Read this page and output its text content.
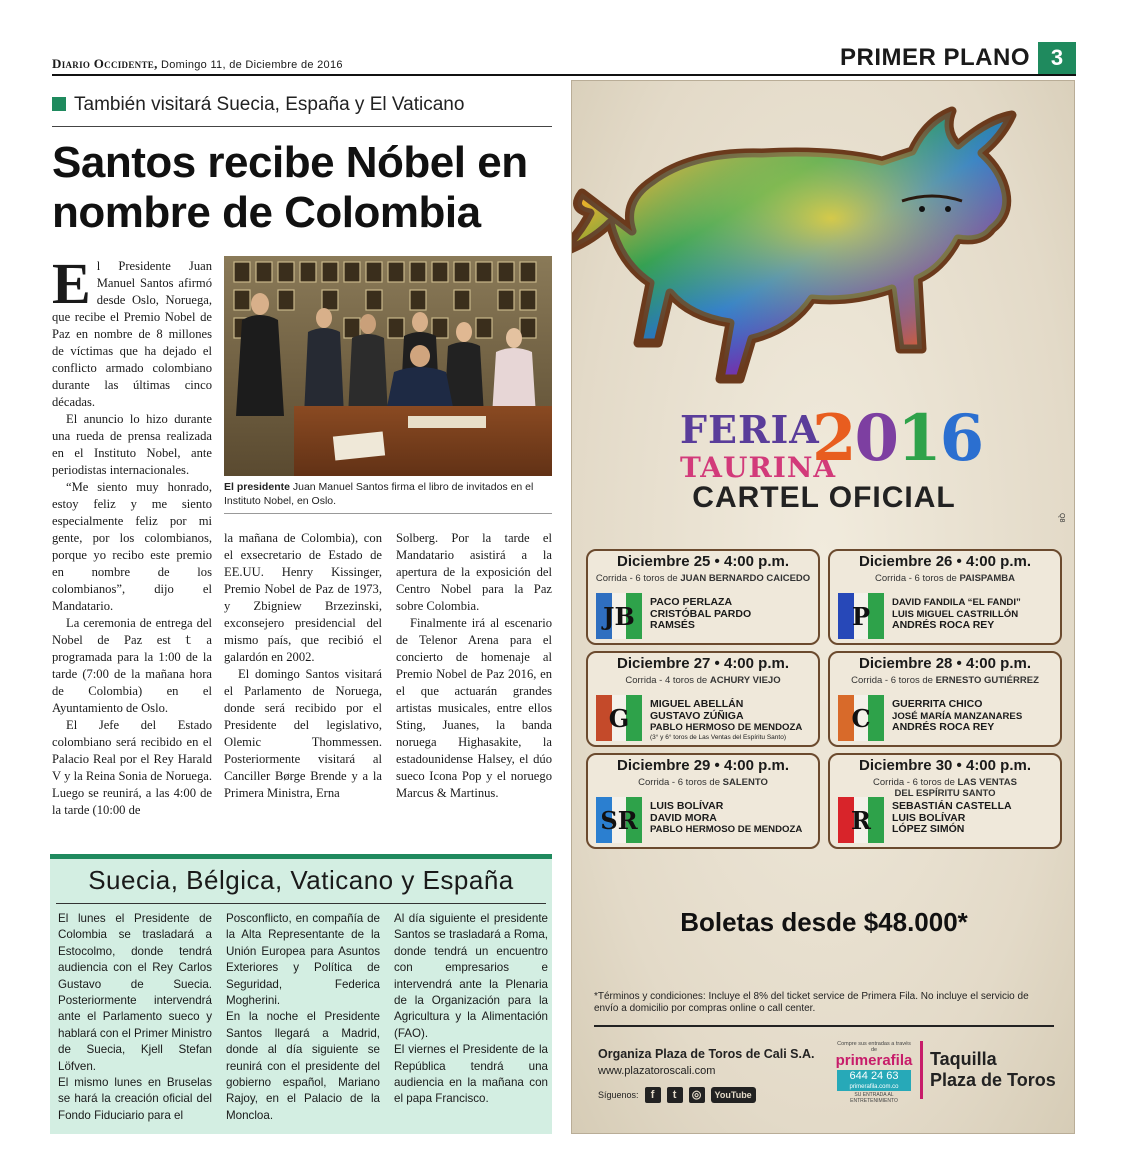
Diario Occidente, Domingo 11, de Diciembre de 2016	PRIMER PLANO 3
También visitará Suecia, España y El Vaticano
Santos recibe Nóbel en nombre de Colombia

El Presidente Juan Manuel Santos afirmó desde Oslo, Noruega, que recibe el Premio Nobel de Paz en nombre de 8 millones de víctimas que ha dejado el conflicto armado colombiano durante las últimas cinco décadas.

El anuncio lo hizo durante una rueda de prensa realizada en el Instituto Nobel, ante periodistas internacionales.

“Me siento muy honrado, estoy feliz y me siento especialmente feliz por mi gente, por los colombianos, porque yo recibo este premio en nombre de los colombianos”, dijo el Mandatario.

La ceremonia de entrega del Nobel de Paz estｔa programada para la 1:00 de la tarde (7:00 de la mañana hora de Colombia) en el Ayuntamiento de Oslo.

El Jefe del Estado colombiano será recibido en el Palacio Real por el Rey Harald V y la Reina Sonia de Noruega. Luego se reunirá, a las 4:00 de la tarde (10:00 de

El presidente Juan Manuel Santos firma el libro de invitados en el Instituto Nobel, en Oslo.

la mañana de Colombia), con el exsecretario de Estado de EE.UU. Henry Kissinger, Premio Nobel de Paz de 1973, y Zbigniew Brzezinski, exconsejero presidencial del mismo país, que recibió el galardón en 2002.

El domingo Santos visitará el Parlamento de Noruega, donde será recibido por el Presidente del legislativo, Olemic Thommessen. Posteriormente visitará al Canciller Børge Brende y a la Primera Ministra, Erna

Solberg. Por la tarde el Mandatario asistirá a la apertura de la exposición del Centro Nobel para la Paz sobre Colombia.

Finalmente irá al escenario de Telenor Arena para el concierto de homenaje al Premio Nobel de Paz 2016, en el que actuarán grandes artistas musicales, entre ellos Sting, Juanes, la banda noruega Highasakite, la estadounidense Halsey, el dúo sueco Icona Pop y el noruego Marcus & Martinus.

Suecia, Bélgica, Vaticano y España
El lunes el Presidente de Colombia se trasladará a Estocolmo, donde tendrá audiencia con el Rey Carlos Gustavo de Suecia. Posteriormente intervendrá ante el Parlamento sueco y hablará con el Primer Ministro de Suecia, Kjell Stefan Löfven.
El mismo lunes en Bruselas se hará la creación oficial del Fondo Fiduciario para el
Posconflicto, en compañía de la Alta Representante de la Unión Europea para Asuntos Exteriores y Política de Seguridad, Federica Mogherini.
En la noche el Presidente Santos llegará a Madrid, donde al día siguiente se reunirá con el presidente del gobierno español, Mariano Rajoy, en el Palacio de la Moncloa.
Al día siguiente el presidente Santos se trasladará a Roma, donde tendrá un encuentro con empresarios e intervendrá ante la Plenaria de la Organización para la Agricultura y la Alimentación (FAO).
El viernes el Presidente de la República tendrá una audiencia en la mañana con el papa Francisco.
FERIA
TAURINA
2016
CARTEL OFICIAL
Q8
Diciembre 25 • 4:00 p.m.
Corrida - 6 toros de JUAN BERNARDO CAICEDO
JB PACO PERLAZA
CRISTÓBAL PARDO
RAMSÉS
Diciembre 26 • 4:00 p.m.
Corrida - 6 toros de PAISPAMBA
P DAVID FANDILA “EL FANDI”
LUIS MIGUEL CASTRILLÓN
ANDRÉS ROCA REY
Diciembre 27 • 4:00 p.m.
Corrida - 4 toros de ACHURY VIEJO
G MIGUEL ABELLÁN
GUSTAVO ZÚÑIGA
PABLO HERMOSO DE MENDOZA
(3° y 6° toros de Las Ventas del Espíritu Santo)
Diciembre 28 • 4:00 p.m.
Corrida - 6 toros de ERNESTO GUTIÉRREZ
C GUERRITA CHICO
JOSÉ MARÍA MANZANARES
ANDRÉS ROCA REY
Diciembre 29 • 4:00 p.m.
Corrida - 6 toros de SALENTO
SR LUIS BOLÍVAR
DAVID MORA
PABLO HERMOSO DE MENDOZA
Diciembre 30 • 4:00 p.m.
Corrida - 6 toros de LAS VENTAS
DEL ESPÍRITU SANTO
R SEBASTIÁN CASTELLA
LUIS BOLÍVAR
LÓPEZ SIMÓN
Boletas desde $48.000*
*Términos y condiciones: Incluye el 8% del ticket service de Primera Fila. No incluye el servicio de envío a domicilio por compras online o call center.
Organiza Plaza de Toros de Cali S.A.
www.plazatoroscali.com
Síguenos:	f	t	◎	YouTube
Compre sus entradas a través de
primerafila
644 24 63
primerafila.com.co
SU ENTRADA AL ENTRETENIMIENTO
Taquilla
Plaza de Toros
